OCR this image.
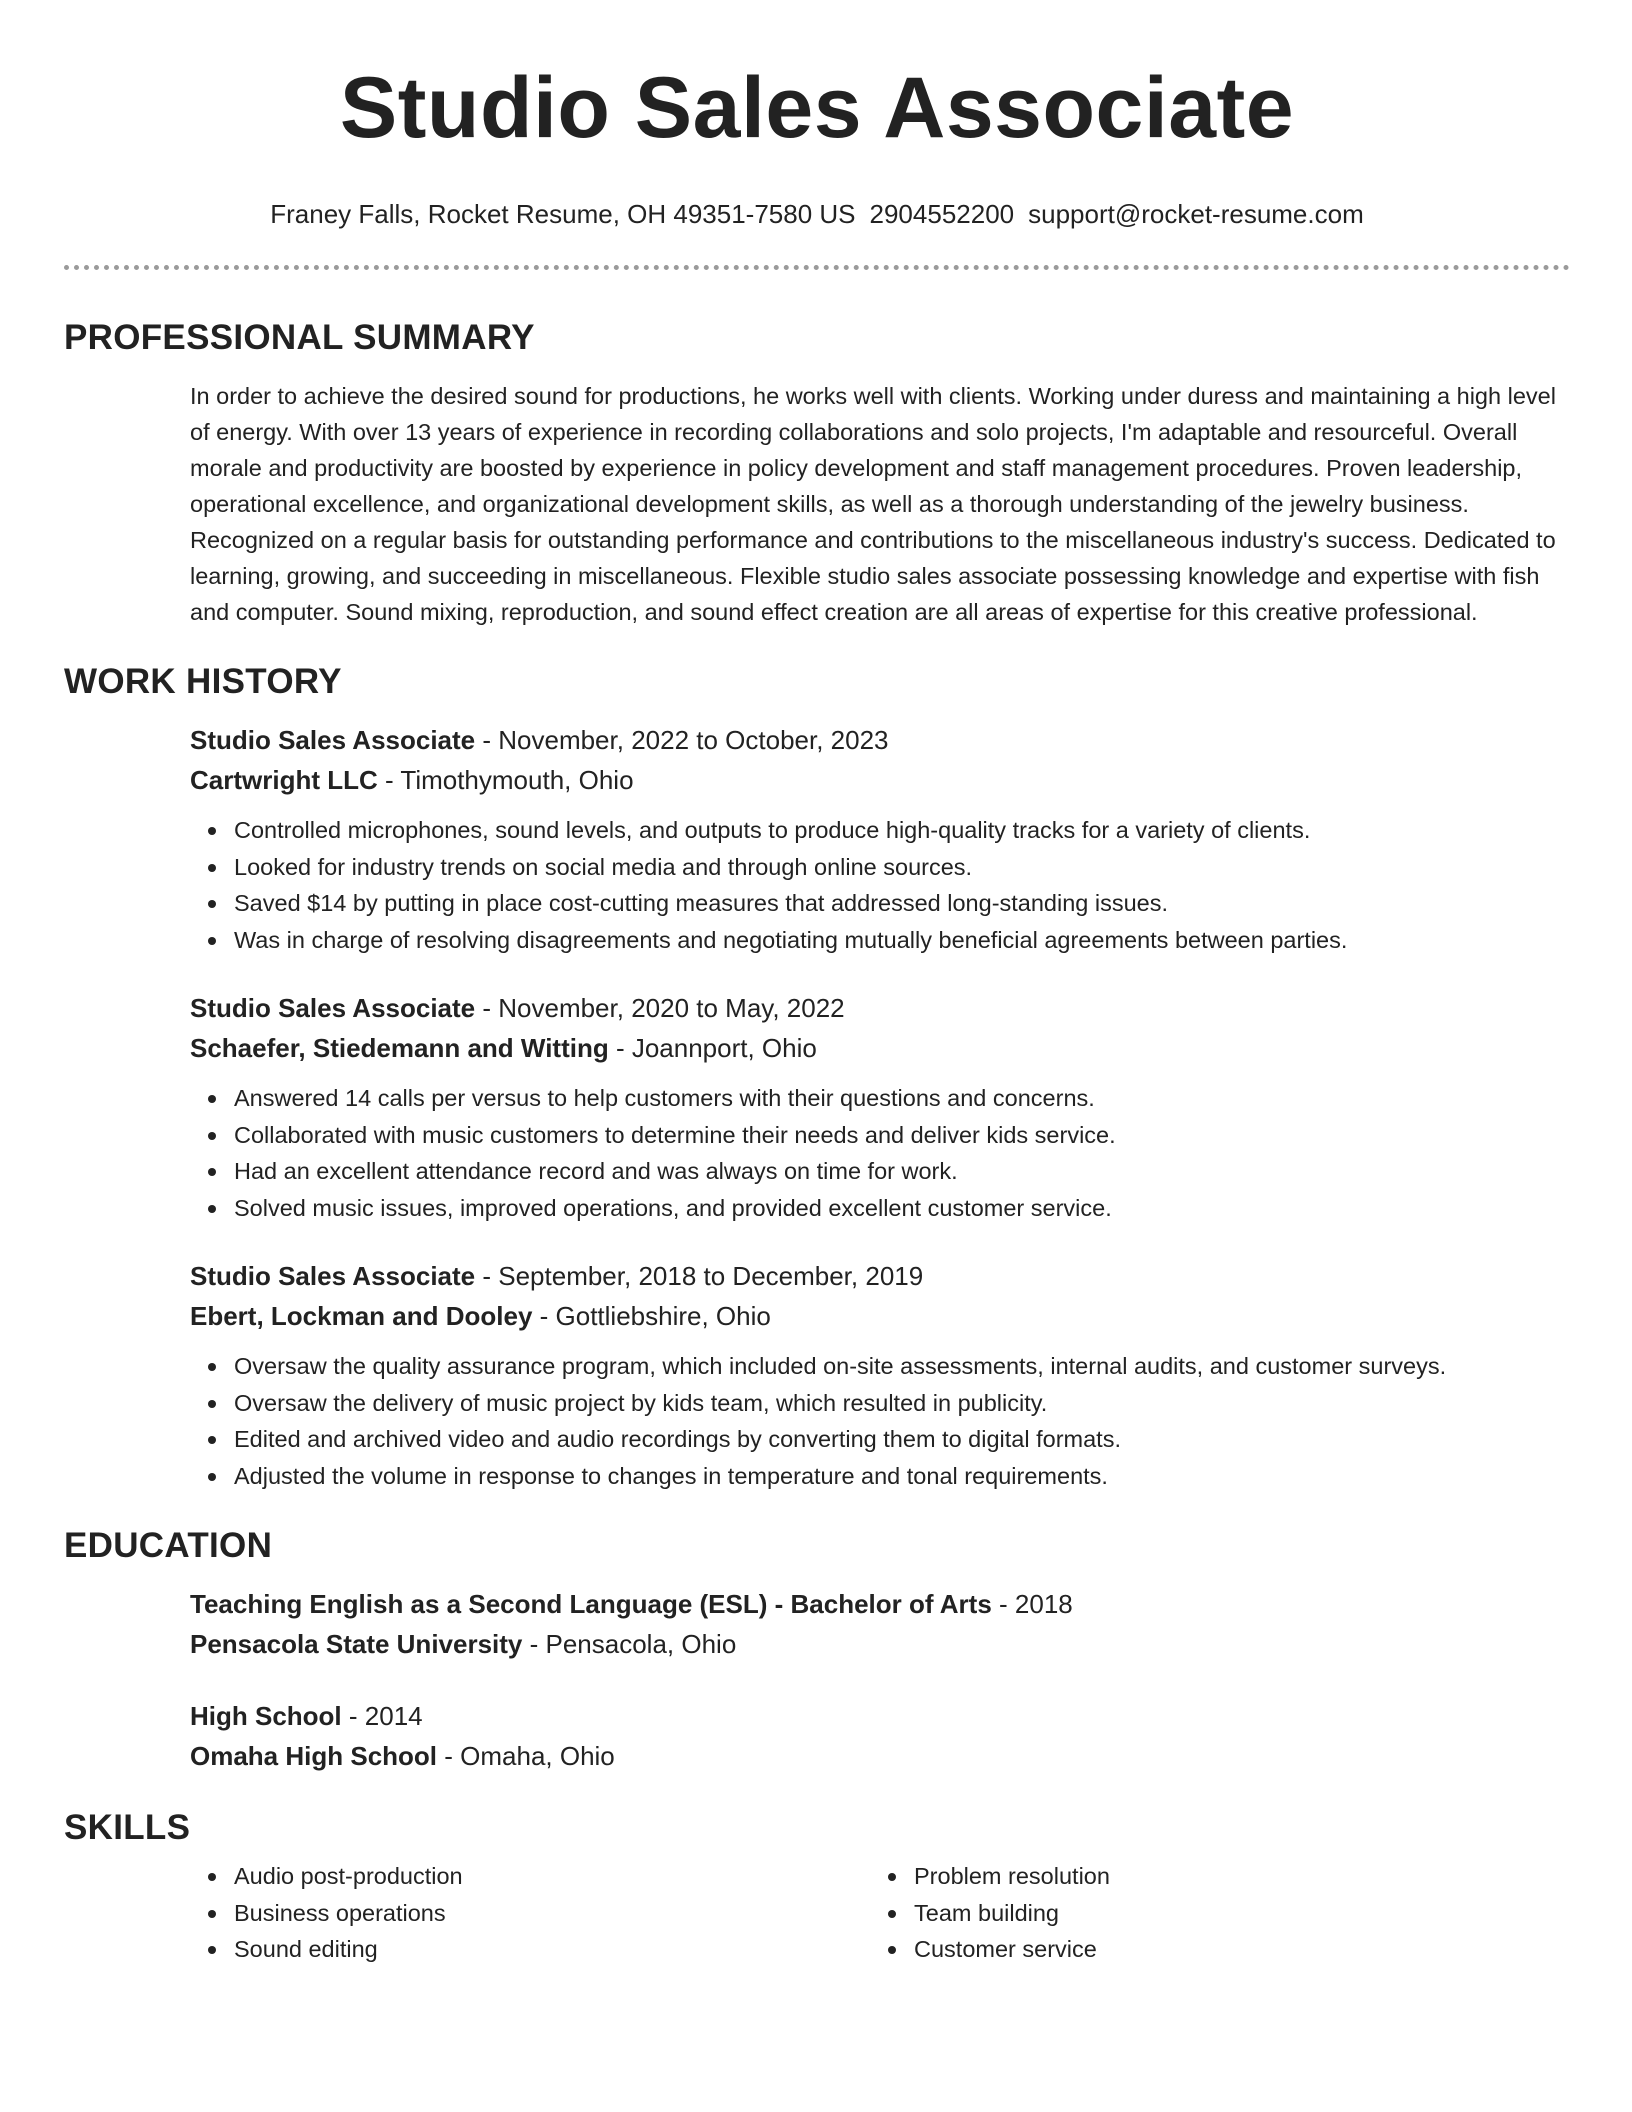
Studio Sales Associate
Franey Falls, Rocket Resume, OH 49351-7580 US 2904552200 support@rocket-resume.com
PROFESSIONAL SUMMARY

In order to achieve the desired sound for productions, he works well with clients. Working under duress and maintaining a high level of energy. With over 13 years of experience in recording collaborations and solo projects, I'm adaptable and resourceful. Overall morale and productivity are boosted by experience in policy development and staff management procedures. Proven leadership, operational excellence, and organizational development skills, as well as a thorough understanding of the jewelry business. Recognized on a regular basis for outstanding performance and contributions to the miscellaneous industry's success. Dedicated to learning, growing, and succeeding in miscellaneous. Flexible studio sales associate possessing knowledge and expertise with fish and computer. Sound mixing, reproduction, and sound effect creation are all areas of expertise for this creative professional.

WORK HISTORY
Studio Sales Associate - November, 2022 to October, 2023
Cartwright LLC - Timothymouth, Ohio
Controlled microphones, sound levels, and outputs to produce high-quality tracks for a variety of clients.
Looked for industry trends on social media and through online sources.
Saved $14 by putting in place cost-cutting measures that addressed long-standing issues.
Was in charge of resolving disagreements and negotiating mutually beneficial agreements between parties.
Studio Sales Associate - November, 2020 to May, 2022
Schaefer, Stiedemann and Witting - Joannport, Ohio
Answered 14 calls per versus to help customers with their questions and concerns.
Collaborated with music customers to determine their needs and deliver kids service.
Had an excellent attendance record and was always on time for work.
Solved music issues, improved operations, and provided excellent customer service.
Studio Sales Associate - September, 2018 to December, 2019
Ebert, Lockman and Dooley - Gottliebshire, Ohio
Oversaw the quality assurance program, which included on-site assessments, internal audits, and customer surveys.
Oversaw the delivery of music project by kids team, which resulted in publicity.
Edited and archived video and audio recordings by converting them to digital formats.
Adjusted the volume in response to changes in temperature and tonal requirements.
EDUCATION
Teaching English as a Second Language (ESL) - Bachelor of Arts - 2018
Pensacola State University - Pensacola, Ohio
High School - 2014
Omaha High School - Omaha, Ohio
SKILLS
Audio post-production
Business operations
Sound editing
Problem resolution
Team building
Customer service
